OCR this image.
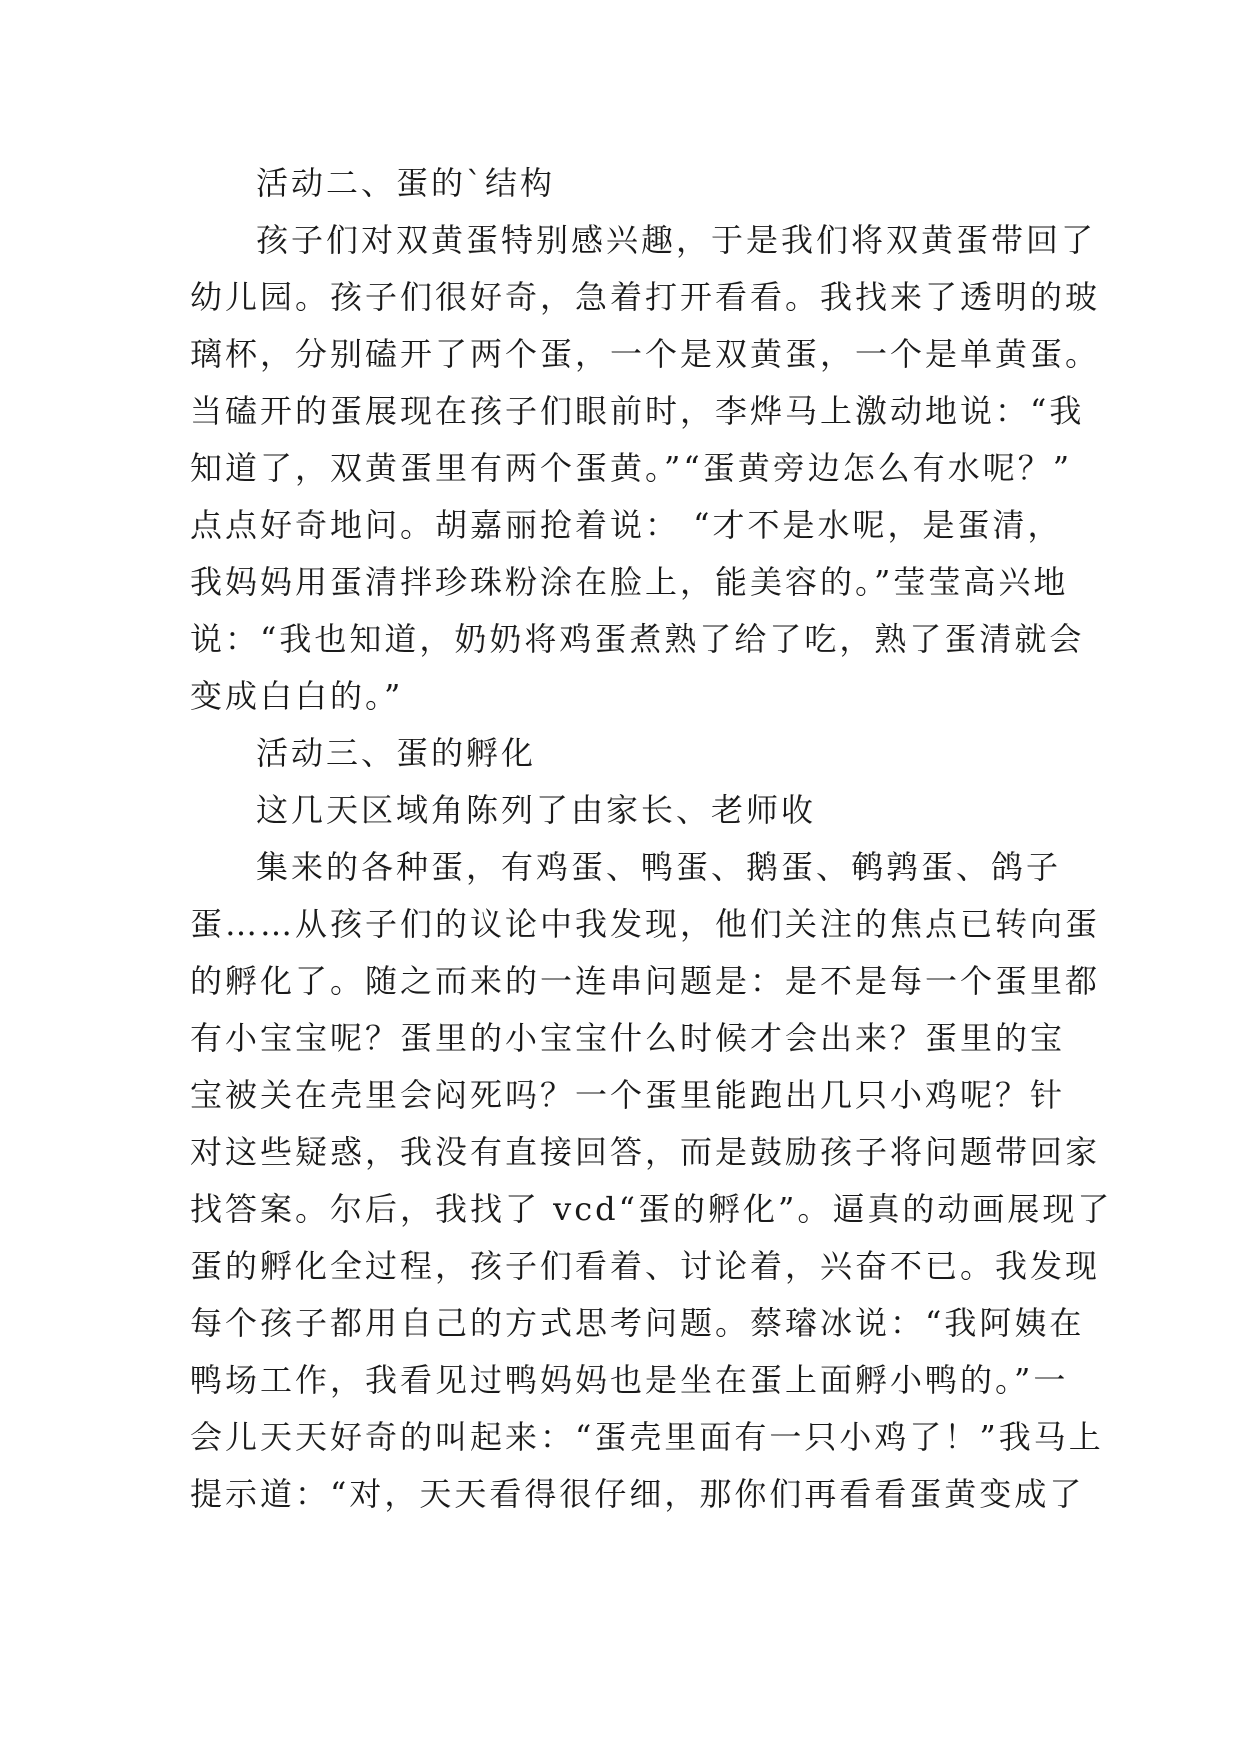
活动二、蛋的`结构
孩子们对双黄蛋特别感兴趣，于是我们将双黄蛋带回了
幼儿园。孩子们很好奇，急着打开看看。我找来了透明的玻
璃杯，分别磕开了两个蛋，一个是双黄蛋，一个是单黄蛋。
当磕开的蛋展现在孩子们眼前时，李烨马上激动地说：“我
知道了，双黄蛋里有两个蛋黄。”“蛋黄旁边怎么有水呢？”
点点好奇地问。胡嘉丽抢着说： “才不是水呢，是蛋清，
我妈妈用蛋清拌珍珠粉涂在脸上，能美容的。”莹莹高兴地
说：“我也知道，奶奶将鸡蛋煮熟了给了吃，熟了蛋清就会
变成白白的。”
活动三、蛋的孵化
这几天区域角陈列了由家长、老师收
集来的各种蛋，有鸡蛋、鸭蛋、鹅蛋、鹌鹑蛋、鸽子
蛋……从孩子们的议论中我发现，他们关注的焦点已转向蛋
的孵化了。随之而来的一连串问题是：是不是每一个蛋里都
有小宝宝呢？蛋里的小宝宝什么时候才会出来？蛋里的宝
宝被关在壳里会闷死吗？一个蛋里能跑出几只小鸡呢？针
对这些疑惑，我没有直接回答，而是鼓励孩子将问题带回家
找答案。尔后，我找了 vcd“蛋的孵化”。逼真的动画展现了
蛋的孵化全过程，孩子们看着、讨论着，兴奋不已。我发现
每个孩子都用自己的方式思考问题。蔡璿冰说：“我阿姨在
鸭场工作，我看见过鸭妈妈也是坐在蛋上面孵小鸭的。”一
会儿天天好奇的叫起来：“蛋壳里面有一只小鸡了！”我马上
提示道：“对，天天看得很仔细，那你们再看看蛋黄变成了
